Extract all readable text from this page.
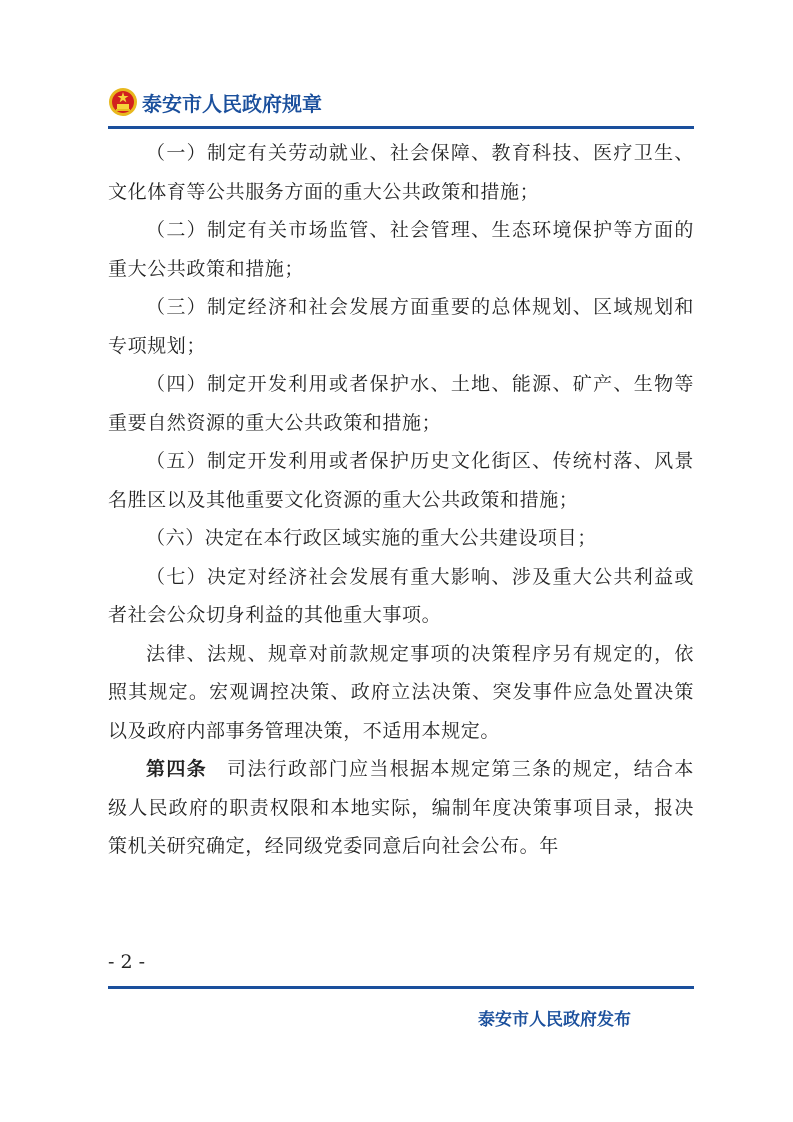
泰安市人民政府规章

（一）制定有关劳动就业、社会保障、教育科技、医疗卫生、文化体育等公共服务方面的重大公共政策和措施；

（二）制定有关市场监管、社会管理、生态环境保护等方面的重大公共政策和措施；

（三）制定经济和社会发展方面重要的总体规划、区域规划和专项规划；

（四）制定开发利用或者保护水、土地、能源、矿产、生物等重要自然资源的重大公共政策和措施；

（五）制定开发利用或者保护历史文化街区、传统村落、风景名胜区以及其他重要文化资源的重大公共政策和措施；

（六）决定在本行政区域实施的重大公共建设项目；

（七）决定对经济社会发展有重大影响、涉及重大公共利益或者社会公众切身利益的其他重大事项。

法律、法规、规章对前款规定事项的决策程序另有规定的，依照其规定。宏观调控决策、政府立法决策、突发事件应急处置决策以及政府内部事务管理决策，不适用本规定。

第四条 司法行政部门应当根据本规定第三条的规定，结合本级人民政府的职责权限和本地实际，编制年度决策事项目录，报决策机关研究确定，经同级党委同意后向社会公布。年

- 2 -
泰安市人民政府发布
